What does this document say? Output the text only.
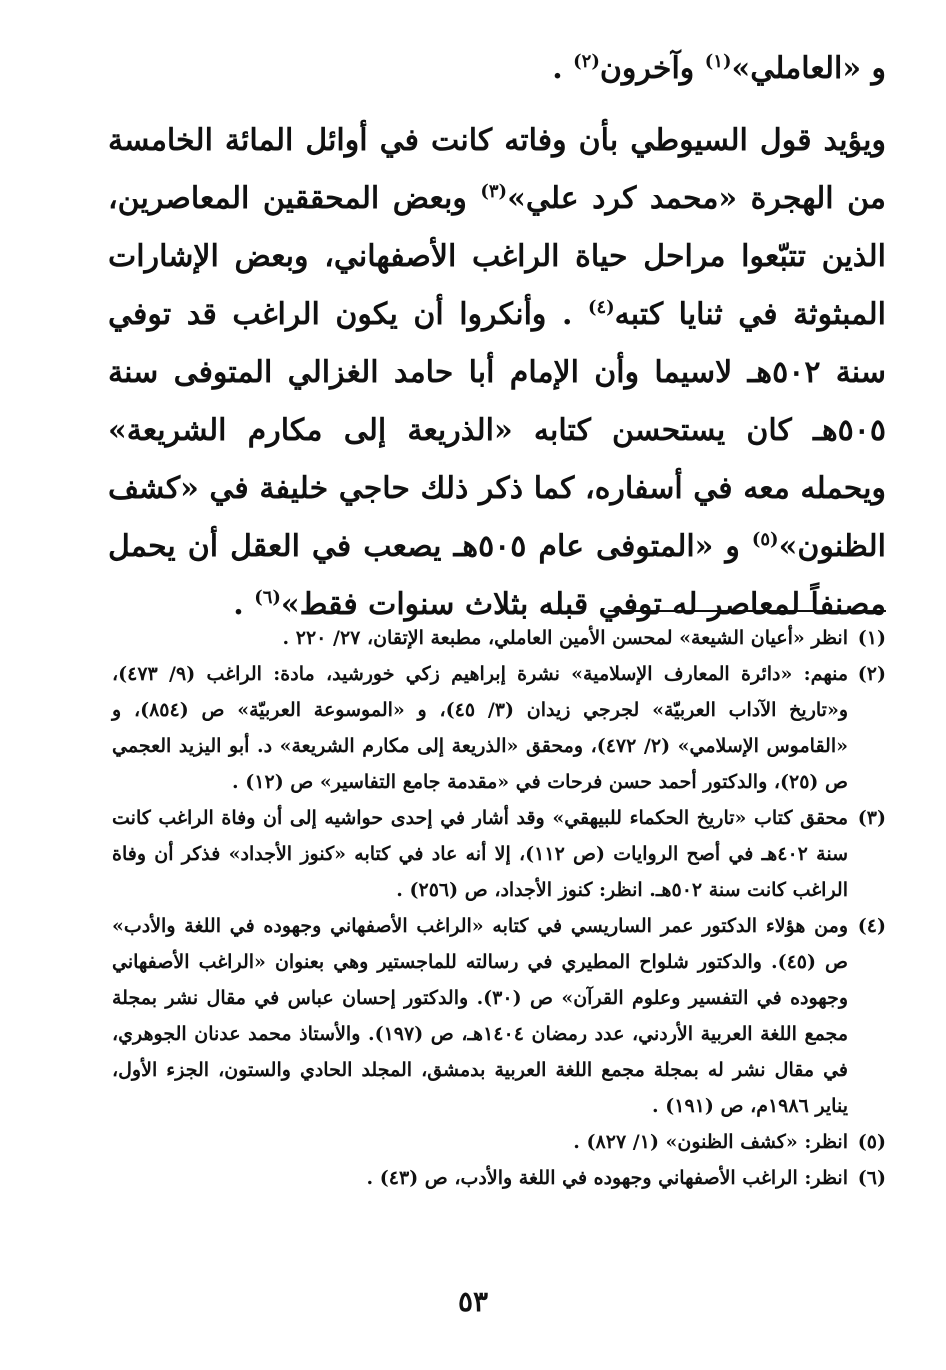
و «العاملي»$^{(١)}$ وآخرون$^{(٢)}$ .

ويؤيد قول السيوطي بأن وفاته كانت في أوائل المائة الخامسة من الهجرة «محمد كرد علي»$^{(٣)}$ وبعض المحققين المعاصرين، الذين تتبّعوا مراحل حياة الراغب الأصفهاني، وبعض الإشارات المبثوثة في ثنايا كتبه$^{(٤)}$ . وأنكروا أن يكون الراغب قد توفي سنة ٥٠٢هـ لاسيما وأن الإمام أبا حامد الغزالي المتوفى سنة ٥٠٥هـ كان يستحسن كتابه «الذريعة إلى مكارم الشريعة» ويحمله معه في أسفاره، كما ذكر ذلك حاجي خليفة في «كشف الظنون»$^{(٥)}$ و «المتوفى عام ٥٠٥هـ يصعب في العقل أن يحمل مصنفاً لمعاصر له توفي قبله بثلاث سنوات فقط»$^{(٦)}$ .

(١)
انظر «أعيان الشيعة» لمحسن الأمين العاملي، مطبعة الإتقان، ٢٧/ ٢٢٠ .
(٢)
منهم: «دائرة المعارف الإسلامية» نشرة إبراهيم زكي خورشيد، مادة: الراغب (٩/ ٤٧٣)، و«تاريخ الآداب العربيّة» لجرجي زيدان (٣/ ٤٥)، و «الموسوعة العربيّة» ص (٨٥٤)، و «القاموس الإسلامي» (٢/ ٤٧٢)، ومحقق «الذريعة إلى مكارم الشريعة» د. أبو اليزيد العجمي ص (٢٥)، والدكتور أحمد حسن فرحات في «مقدمة جامع التفاسير» ص (١٢) .
(٣)
محقق كتاب «تاريخ الحكماء للبيهقي» وقد أشار في إحدى حواشيه إلى أن وفاة الراغب كانت سنة ٤٠٢هـ في أصح الروايات (ص ١١٢)، إلا أنه عاد في كتابه «كنوز الأجداد» فذكر أن وفاة الراغب كانت سنة ٥٠٢هـ. انظر: كنوز الأجداد، ص (٢٥٦) .
(٤)
ومن هؤلاء الدكتور عمر الساريسي في كتابه «الراغب الأصفهاني وجهوده في اللغة والأدب» ص (٤٥). والدكتور شلواح المطيري في رسالته للماجستير وهي بعنوان «الراغب الأصفهاني وجهوده في التفسير وعلوم القرآن» ص (٣٠). والدكتور إحسان عباس في مقال نشر بمجلة مجمع اللغة العربية الأردني، عدد رمضان ١٤٠٤هـ، ص (١٩٧). والأستاذ محمد عدنان الجوهري، في مقال نشر له بمجلة مجمع اللغة العربية بدمشق، المجلد الحادي والستون، الجزء الأول، يناير ١٩٨٦م، ص (١٩١) .
(٥)
انظر: «كشف الظنون» (١/ ٨٢٧) .
(٦)
انظر: الراغب الأصفهاني وجهوده في اللغة والأدب، ص (٤٣) .
٥٣
